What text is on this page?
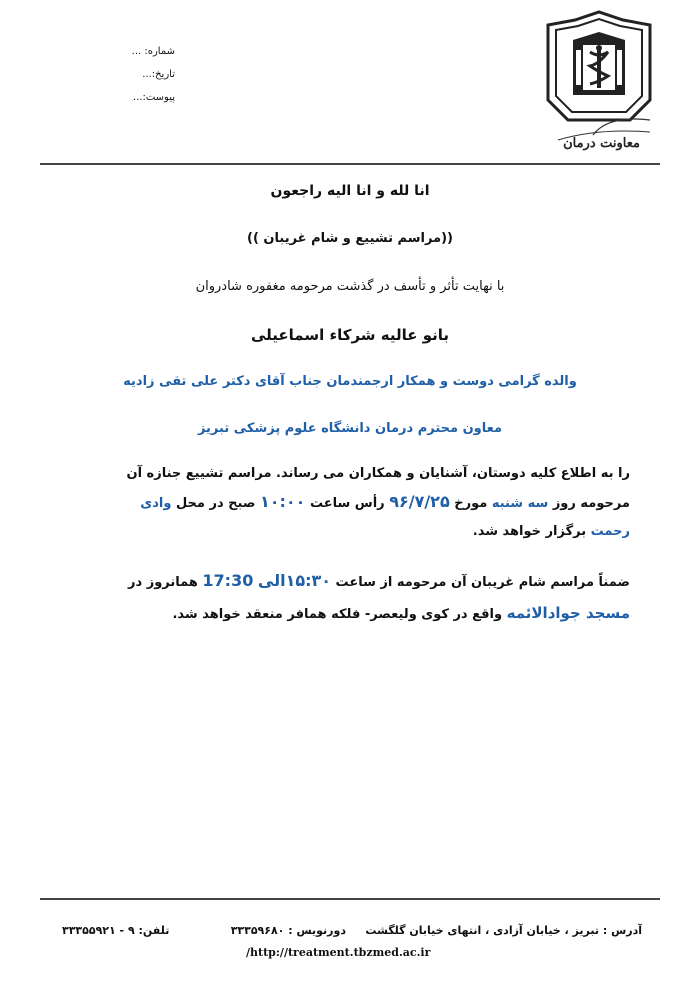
معاونت درمان
شماره: ...
تاریخ:...
پیوست:...
انا لله و انا الیه راجعون
((مراسم تشییع و شام غریبان ))
با نهایت تأثر و تأسف در گذشت مرحومه مغفوره شادروان
بانو عالیه شرکاء اسماعیلی
والده گرامی دوست و همکار ارجمندمان جناب آقای دکتر علی تقی زادیه
معاون محترم درمان دانشگاه علوم پزشکی تبریز
را به اطلاع کلیه دوستان، آشنایان و همکاران می رساند. مراسم تشییع جنازه آن
مرحومه روز سه شنبه مورخ ۹۶/۷/۲۵ رأس ساعت ۱۰:۰۰ صبح در محل وادی
رحمت برگزار خواهد شد.
ضمناً مراسم شام غریبان آن مرحومه از ساعت ۱۵:۳۰الی 17:30 همانروز در
مسجد جوادالائمه واقع در کوی ولیعصر- فلکه همافر منعقد خواهد شد.
آدرس : تبریز ، خیابان آزادی ، انتهای خیابان گلگشت
دورنویس : ۳۳۳۵۹۶۸۰
تلفن: ۹ - ۳۳۳۵۵۹۲۱
/http://treatment.tbzmed.ac.ir
